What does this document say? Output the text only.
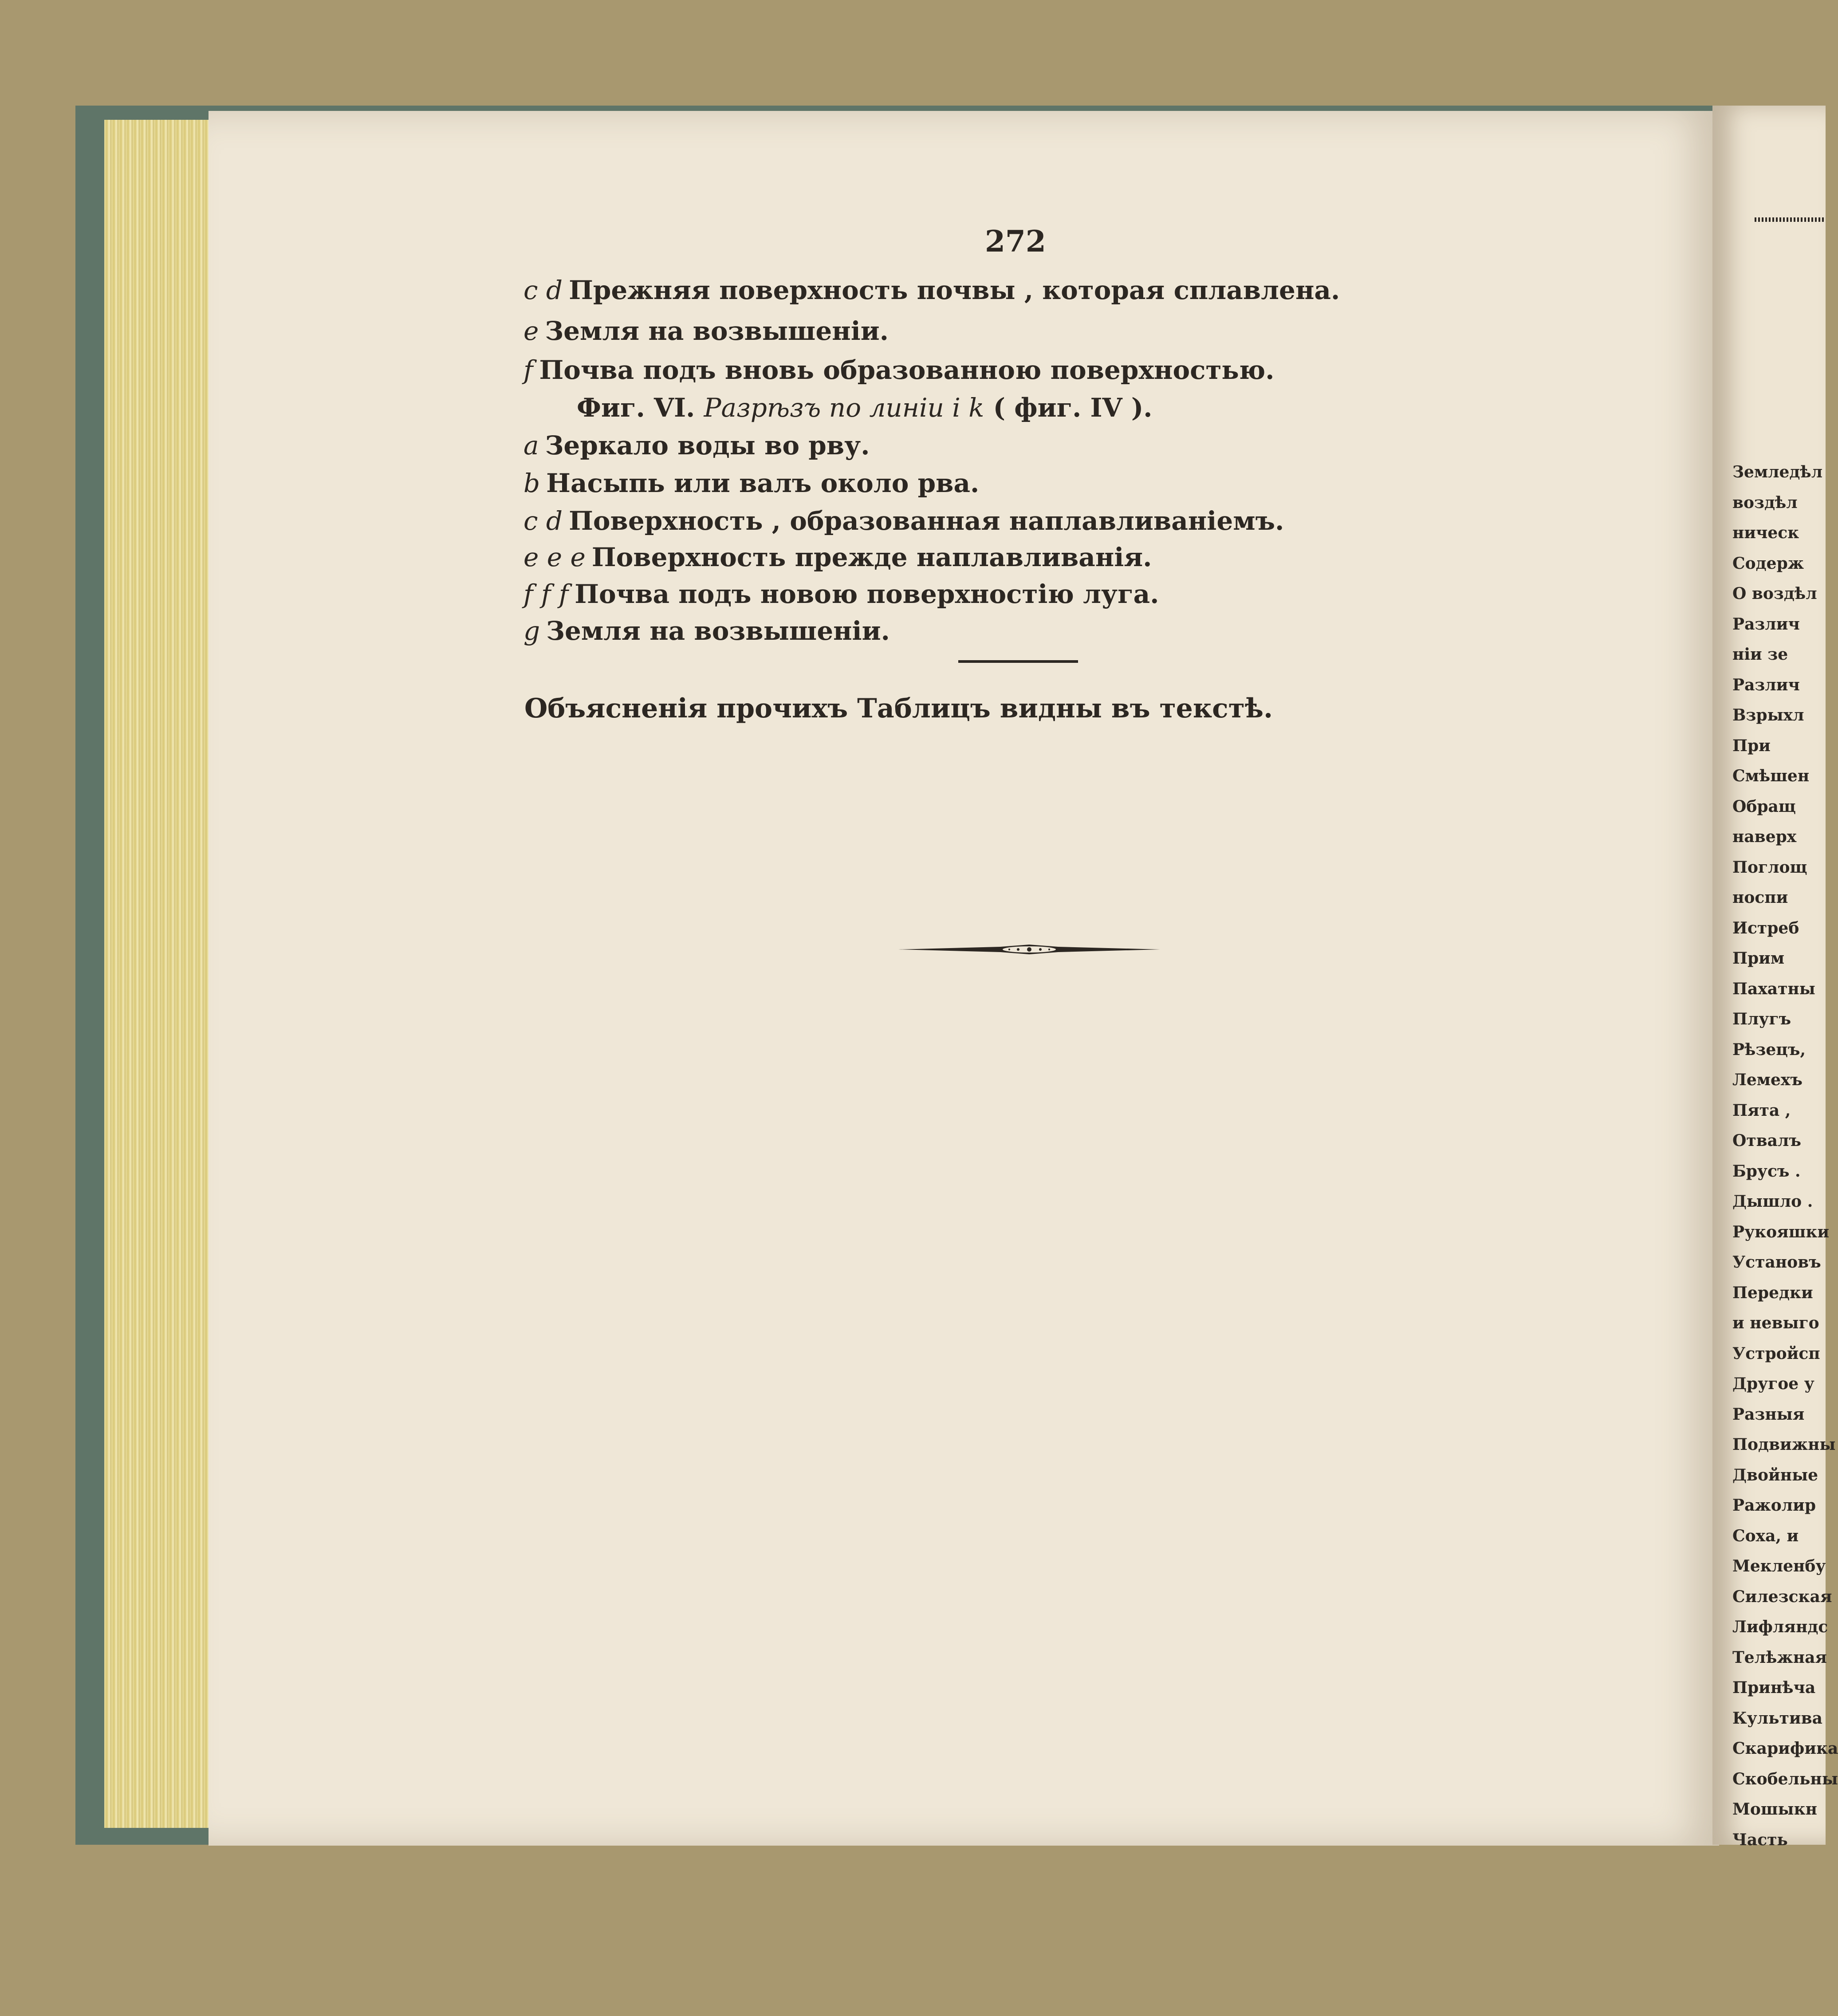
272
c d Прежняя поверхность почвы , которая сплавлена.
e Земля на возвышеніи.
f Почва подъ вновь образованною поверхностью.
Фиг. VI. Разрѣзъ по линіи i k ( фиг. IV ).
a Зеркало воды во рву.
b Насыпь или валъ около рва.
c d Поверхность , образованная наплавливаніемъ.
e e e Поверхность прежде наплавливанія.
f f f Почва подъ новою поверхностію луга.
g Земля на возвышеніи.
Объясненія прочихъ Таблицъ видны въ текстѣ.
Земледѣл
воздѣл
ническ
Содерж
О воздѣл
Различ
ніи зе
Различ
Взрыхл
При
Смѣшен
Обращ
наверх
Поглощ
носпи
Истреб
Прим
Пахатны
Плугъ
Рѣзецъ,
Лемехъ
Пята ,
Отвалъ
Брусъ .
Дышло .
Рукояшки
Установъ
Передки
и невыго
Устройсп
Другое у
Разныя
Подвижны
Двойные
Ражолир
Соха, и
Мекленбу
Силезская
Лифляндс
Телѣжная
Принѣча
Культива
Скарифика
Скобельны
Мошыкн
Часть
